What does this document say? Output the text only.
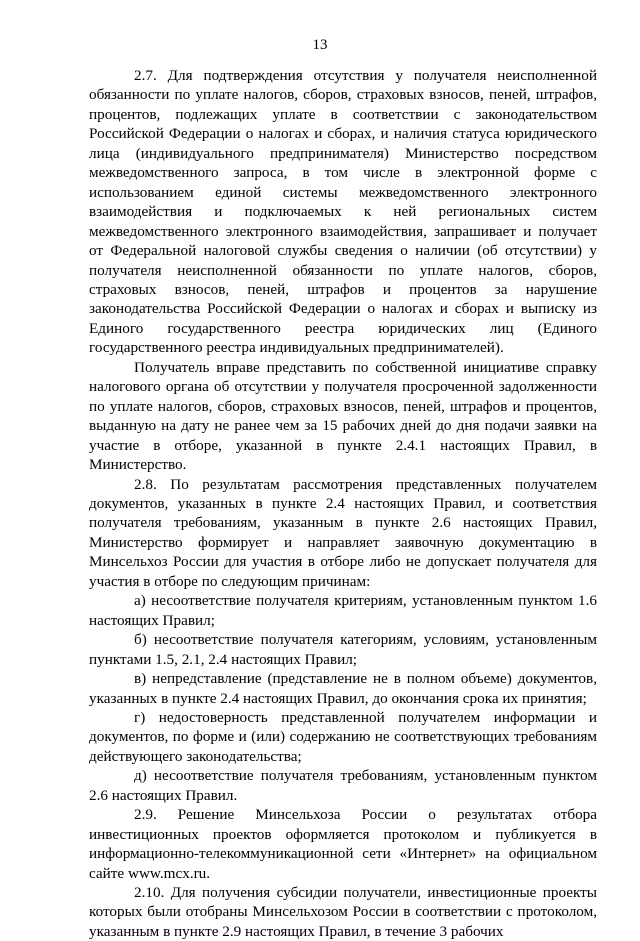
13

2.7. Для подтверждения отсутствия у получателя неисполненной обязанности по уплате налогов, сборов, страховых взносов, пеней, штрафов, процентов, подлежащих уплате в соответствии с законодательством Российской Федерации о налогах и сборах, и наличия статуса юридического лица (индивидуального предпринимателя) Министерство посредством межведомственного запроса, в том числе в электронной форме с использованием единой системы межведомственного электронного взаимодействия и подключаемых к ней региональных систем межведомственного электронного взаимодействия, запрашивает и получает от Федеральной налоговой службы сведения о наличии (об отсутствии) у получателя неисполненной обязанности по уплате налогов, сборов, страховых взносов, пеней, штрафов и процентов за нарушение законодательства Российской Федерации о налогах и сборах и выписку из Единого государственного реестра юридических лиц (Единого государственного реестра индивидуальных предпринимателей).

Получатель вправе представить по собственной инициативе справку налогового органа об отсутствии у получателя просроченной задолженности по уплате налогов, сборов, страховых взносов, пеней, штрафов и процентов, выданную на дату не ранее чем за 15 рабочих дней до дня подачи заявки на участие в отборе, указанной в пункте 2.4.1 настоящих Правил, в Министерство.

2.8. По результатам рассмотрения представленных получателем документов, указанных в пункте 2.4 настоящих Правил, и соответствия получателя требованиям, указанным в пункте 2.6 настоящих Правил, Министерство формирует и направляет заявочную документацию в Минсельхоз России для участия в отборе либо не допускает получателя для участия в отборе по следующим причинам:

а) несоответствие получателя критериям, установленным пунктом 1.6 настоящих Правил;

б) несоответствие получателя категориям, условиям, установленным пунктами 1.5, 2.1, 2.4 настоящих Правил;

в) непредставление (представление не в полном объеме) документов, указанных в пункте 2.4 настоящих Правил, до окончания срока их принятия;

г) недостоверность представленной получателем информации и документов, по форме и (или) содержанию не соответствующих требованиям действующего законодательства;

д) несоответствие получателя требованиям, установленным пунктом 2.6 настоящих Правил.

2.9. Решение Минсельхоза России о результатах отбора инвестиционных проектов оформляется протоколом и публикуется в информационно-телекоммуникационной сети «Интернет» на официальном сайте www.mcx.ru.

2.10. Для получения субсидии получатели, инвестиционные проекты которых были отобраны Минсельхозом России в соответствии с протоколом, указанным в пункте 2.9 настоящих Правил, в течение 3 рабочих
